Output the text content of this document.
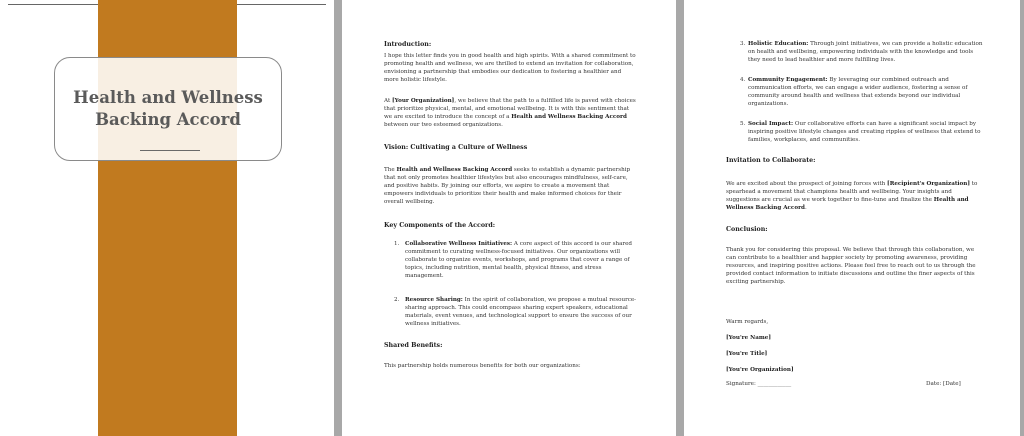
Health and Wellness
Backing Accord

Introduction:

I hope this letter finds you in good health and high spirits. With a shared commitment to promoting health and wellness, we are thrilled to extend an invitation for collaboration, envisioning a partnership that embodies our dedication to fostering a healthier and more holistic lifestyle.

At [Your Organization], we believe that the path to a fulfilled life is paved with choices that prioritize physical, mental, and emotional wellbeing. It is with this sentiment that we are excited to introduce the concept of a Health and Wellness Backing Accord between our two esteemed organizations.

Vision: Cultivating a Culture of Wellness

The Health and Wellness Backing Accord seeks to establish a dynamic partnership that not only promotes healthier lifestyles but also encourages mindfulness, self-care, and positive habits. By joining our efforts, we aspire to create a movement that empowers individuals to prioritize their health and make informed choices for their overall wellbeing.

Key Components of the Accord:

1. Collaborative Wellness Initiatives: A core aspect of this accord is our shared commitment to curating wellness-focused initiatives. Our organizations will collaborate to organize events, workshops, and programs that cover a range of topics, including nutrition, mental health, physical fitness, and stress management.

2. Resource Sharing: In the spirit of collaboration, we propose a mutual resource-sharing approach. This could encompass sharing expert speakers, educational materials, event venues, and technological support to ensure the success of our wellness initiatives.

Shared Benefits:

This partnership holds numerous benefits for both our organizations:

3. Holistic Education: Through joint initiatives, we can provide a holistic education on health and wellbeing, empowering individuals with the knowledge and tools they need to lead healthier and more fulfilling lives.

4. Community Engagement: By leveraging our combined outreach and communication efforts, we can engage a wider audience, fostering a sense of community around health and wellness that extends beyond our individual organizations.

5. Social Impact: Our collaborative efforts can have a significant social impact by inspiring positive lifestyle changes and creating ripples of wellness that extend to families, workplaces, and communities.

Invitation to Collaborate:

We are excited about the prospect of joining forces with [Recipient's Organization] to spearhead a movement that champions health and wellbeing. Your insights and suggestions are crucial as we work together to fine-tune and finalize the Health and Wellness Backing Accord.

Conclusion:

Thank you for considering this proposal. We believe that through this collaboration, we can contribute to a healthier and happier society by promoting awareness, providing resources, and inspiring positive actions. Please feel free to reach out to us through the provided contact information to initiate discussions and outline the finer aspects of this exciting partnership.

Warm regards,

[You're Name]

[You're Title]

[You're Organization]

Signature: ____________	Date: [Date]
